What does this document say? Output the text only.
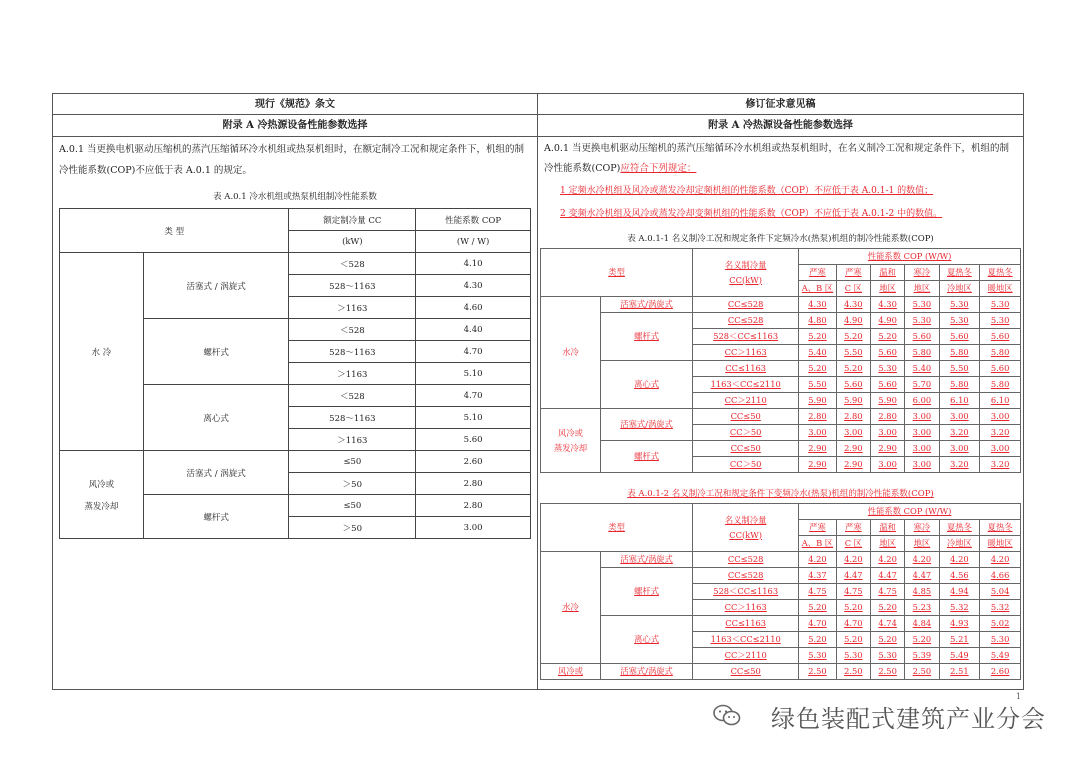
现行《规范》条文
附录 A 冷热源设备性能参数选择
A.0.1 当更换电机驱动压缩机的蒸汽压缩循环冷水机组或热泵机组时，在额定制冷工况和规定条件下，机组的制冷性能系数(COP)不应低于表 A.0.1 的规定。
表 A.0.1 冷水机组或热泵机组制冷性能系数
类 型		额定制冷量 CC	性能系数 COP
		(kW)	(W / W)
水 冷	活塞式 / 涡旋式	＜528	4.10
		528～1163	4.30
		＞1163	4.60
	螺杆式	＜528	4.40
		528～1163	4.70
		＞1163	5.10
	离心式	＜528	4.70
		528～1163	5.10
		＞1163	5.60
风冷或

蒸发冷却	活塞式 / 涡旋式	≤50	2.60
		＞50	2.80
	螺杆式	≤50	2.80
		＞50	3.00
修订征求意见稿
附录 A 冷热源设备性能参数选择
A.0.1 当更换电机驱动压缩机的蒸汽压缩循环冷水机组或热泵机组时，在名义制冷工况和规定条件下，机组的制冷性能系数(COP)应符合下列规定：
1 定频水冷机组及风冷或蒸发冷却定频机组的性能系数（COP）不应低于表 A.0.1-1 的数值；
2 变频水冷机组及风冷或蒸发冷却变频机组的性能系数（COP）不应低于表 A.0.1-2 中的数值。
表 A.0.1-1 名义制冷工况和规定条件下定频冷水(热泵)机组的制冷性能系数(COP)
类型		名义制冷量
CC(kW)	性能系数 COP (W/W)					
			严寒	严寒	温和	寒冷	夏热冬	夏热冬
			A、B 区	C 区	地区	地区	冷地区	暖地区
水冷	活塞式/涡旋式	CC≤528	4.30	4.30	4.30	5.30	5.30	5.30
	螺杆式	CC≤528	4.80	4.90	4.90	5.30	5.30	5.30
		528＜CC≤1163	5.20	5.20	5.20	5.60	5.60	5.60
		CC＞1163	5.40	5.50	5.60	5.80	5.80	5.80
	离心式	CC≤1163	5.20	5.20	5.30	5.40	5.50	5.60
		1163＜CC≤2110	5.50	5.60	5.60	5.70	5.80	5.80
		CC＞2110	5.90	5.90	5.90	6.00	6.10	6.10
风冷或
蒸发冷却	活塞式/涡旋式	CC≤50	2.80	2.80	2.80	3.00	3.00	3.00
		CC＞50	3.00	3.00	3.00	3.00	3.20	3.20
	螺杆式	CC≤50	2.90	2.90	2.90	3.00	3.00	3.00
		CC＞50	2.90	2.90	3.00	3.00	3.20	3.20
表 A.0.1-2 名义制冷工况和规定条件下变频冷水(热泵)机组的制冷性能系数(COP)
类型		名义制冷量
CC(kW)	性能系数 COP (W/W)					
			严寒	严寒	温和	寒冷	夏热冬	夏热冬
			A、B 区	C 区	地区	地区	冷地区	暖地区
水冷	活塞式/涡旋式	CC≤528	4.20	4.20	4.20	4.20	4.20	4.20
	螺杆式	CC≤528	4.37	4.47	4.47	4.47	4.56	4.66
		528＜CC≤1163	4.75	4.75	4.75	4.85	4.94	5.04
		CC＞1163	5.20	5.20	5.20	5.23	5.32	5.32
	离心式	CC≤1163	4.70	4.70	4.74	4.84	4.93	5.02
		1163＜CC≤2110	5.20	5.20	5.20	5.20	5.21	5.30
		CC＞2110	5.30	5.30	5.30	5.39	5.49	5.49
风冷或	活塞式/涡旋式	CC≤50	2.50	2.50	2.50	2.50	2.51	2.60
1
绿色装配式建筑产业分会
